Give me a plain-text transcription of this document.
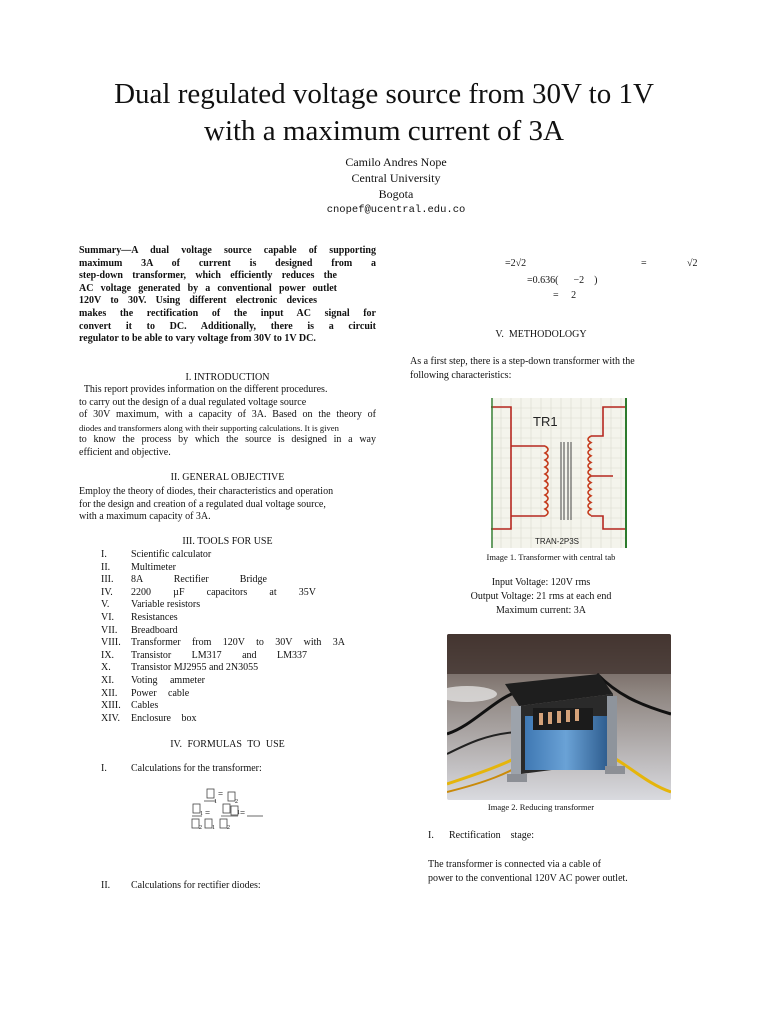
Dual regulated voltage source from 30V to 1V
with a maximum current of 3A
Camilo Andres Nope
Central University
Bogota
cnopef@ucentral.edu.co
Summary—A dual voltage source capable of supporting
maximum 3A of current is designed from a
step-down transformer, which efficiently reduces the
AC voltage generated by a conventional power outlet
120V to 30V. Using different electronic devices
makes the rectification of the input AC signal for
convert it to DC. Additionally, there is a circuit
regulator to be able to vary voltage from 30V to 1V DC.
I. INTRODUCTION
This report provides information on the different procedures.
to carry out the design of a dual regulated voltage source
of 30V maximum, with a capacity of 3A. Based on the theory of
diodes and transformers along with their supporting calculations. It is given
to know the process by which the source is designed in a way
efficient and objective.
II. GENERAL OBJECTIVE
Employ the theory of diodes, their characteristics and operation
for the design and creation of a regulated dual voltage source,
with a maximum capacity of 3A.
III. TOOLS FOR USE
I.	Scientific calculator
II.	Multimeter
III.	8A Rectifier Bridge
IV.	2200 µF capacitors at 35V
V.	Variable resistors
VI.	Resistances
VII.	Breadboard
VIII.	Transformer from 120V to 30V with 3A
IX.	Transistor LM317 and LM337
X.	Transistor MJ2955 and 2N3055
XI.	Voting ammeter
XII.	Power cable
XIII.	Cables
XIV.	Enclosure box
IV. FORMULAS TO USE
I.	Calculations for the transformer:
=
=	=
1	2
1	1
2 1 2
II.	Calculations for rectifier diodes:
=2√2	=	√2
=0.636(      −2    )
=     2
V.  METHODOLOGY
As a first step, there is a step-down transformer with the
following characteristics:
TR1
TRAN-2P3S
Image 1. Transformer with central tab
Input Voltage: 120V rms
Output Voltage: 21 rms at each end
Maximum current: 3A
Image 2. Reducing transformer
I.	Rectification    stage:
The transformer is connected via a cable of
power to the conventional 120V AC power outlet.
